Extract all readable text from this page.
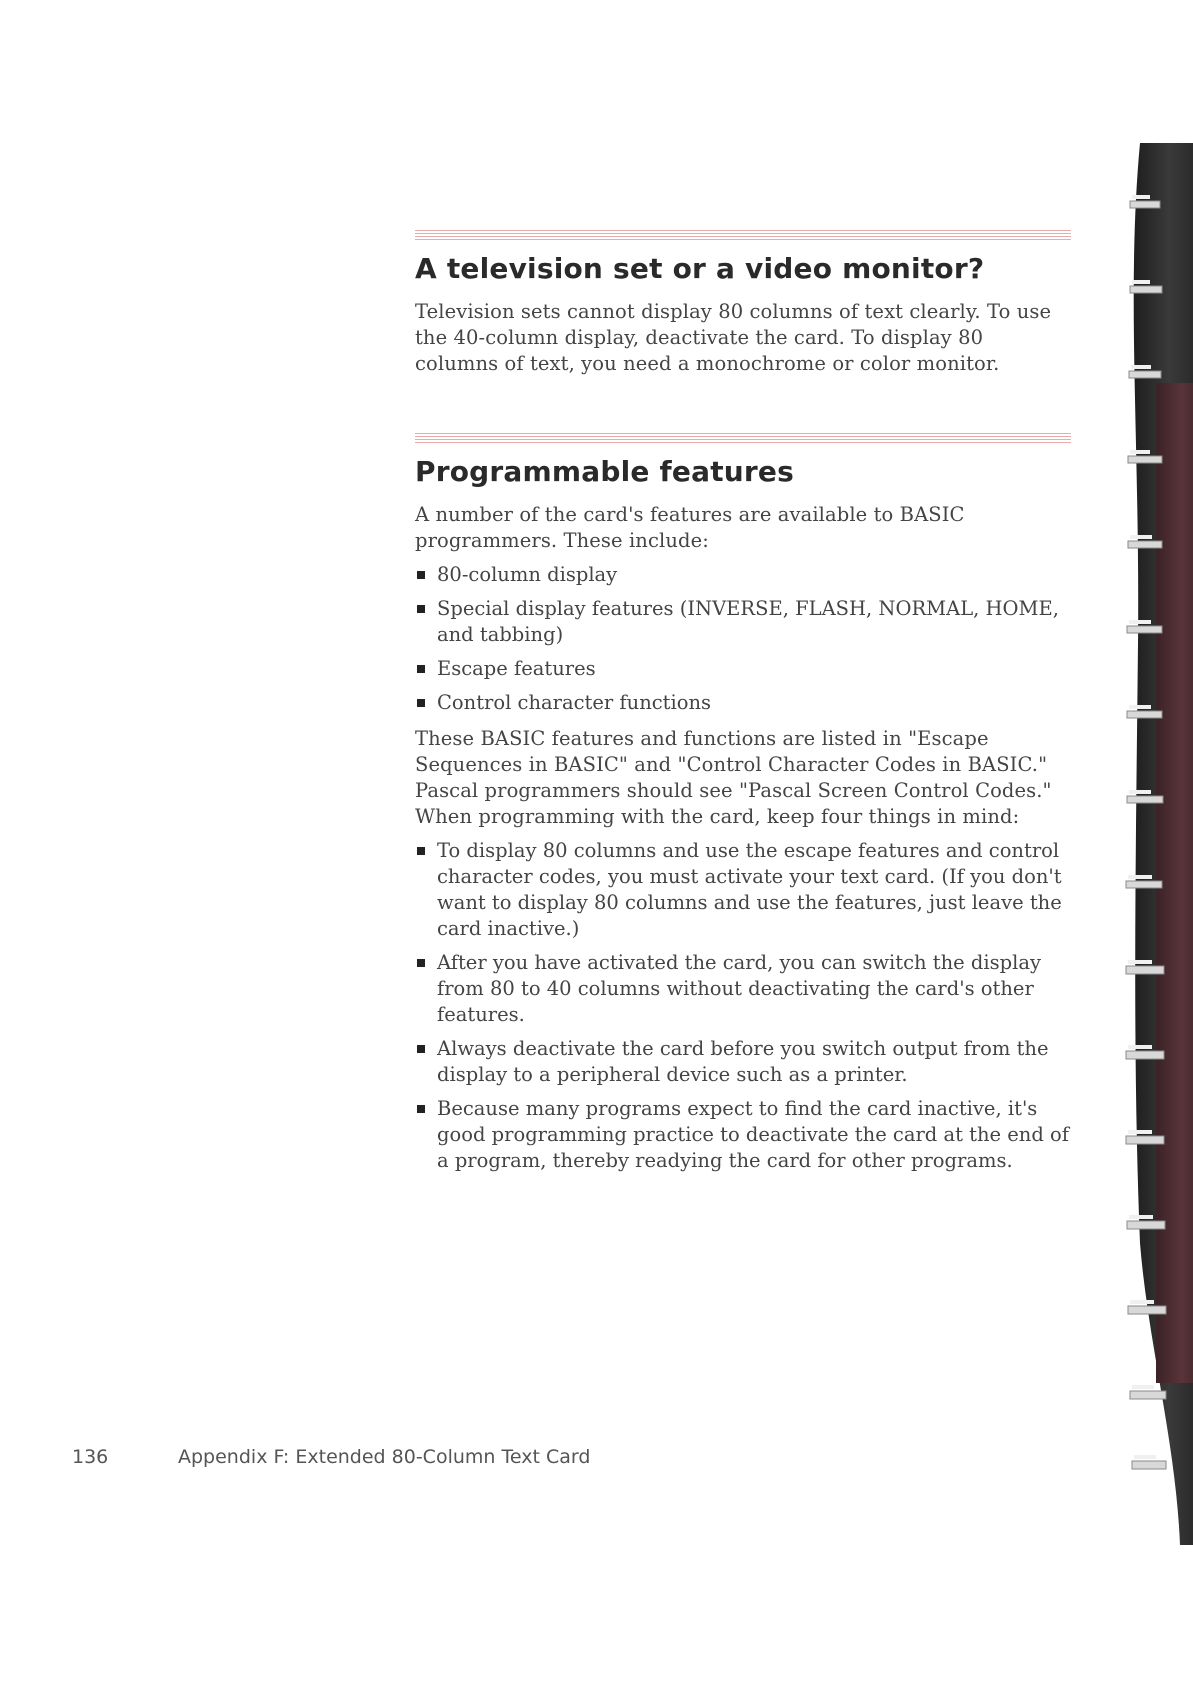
A television set or a video monitor?

Television sets cannot display 80 columns of text clearly. To use the 40-column display, deactivate the card. To display 80 columns of text, you need a monochrome or color monitor.

Programmable features

A number of the card's features are available to BASIC programmers. These include:

80-column display
Special display features (INVERSE, FLASH, NORMAL, HOME, and tabbing)
Escape features
Control character functions

These BASIC features and functions are listed in "Escape Sequences in BASIC" and "Control Character Codes in BASIC." Pascal programmers should see "Pascal Screen Control Codes." When programming with the card, keep four things in mind:

To display 80 columns and use the escape features and control character codes, you must activate your text card. (If you don't want to display 80 columns and use the features, just leave the card inactive.)
After you have activated the card, you can switch the display from 80 to 40 columns without deactivating the card's other features.
Always deactivate the card before you switch output from the display to a peripheral device such as a printer.
Because many programs expect to find the card inactive, it's good programming practice to deactivate the card at the end of a program, thereby readying the card for other programs.
136	Appendix F: Extended 80-Column Text Card
